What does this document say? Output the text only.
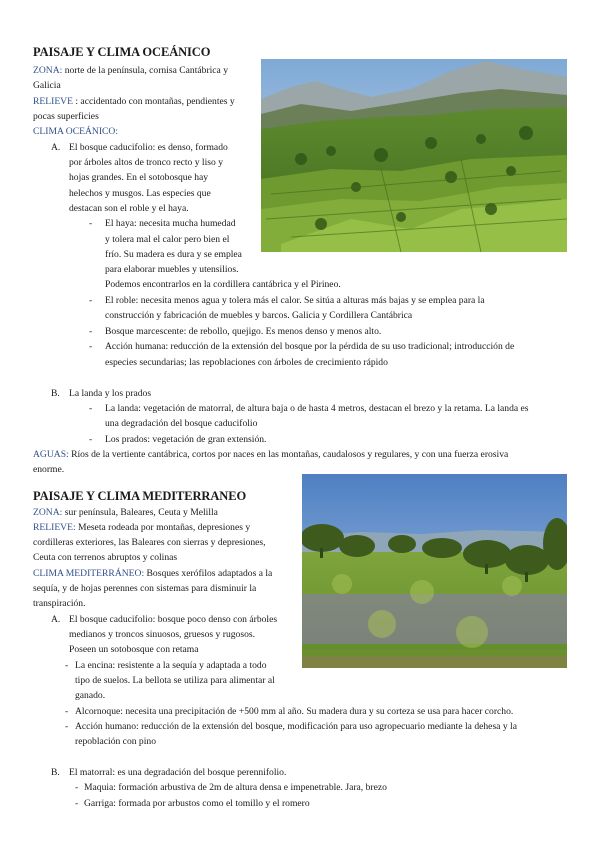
PAISAJE Y CLIMA OCEÁNICO
ZONA: norte de la península, cornisa Cantábrica y
Galicia
RELIEVE : accidentado con montañas, pendientes y
pocas superficies
CLIMA OCEÁNICO:
A. El bosque caducifolio: es denso, formado
por árboles altos de tronco recto y liso y
hojas grandes. En el sotobosque hay
helechos y musgos. Las especies que
destacan son el roble y el haya.
- El haya: necesita mucha humedad
y tolera mal el calor pero bien el
frío. Su madera es dura y se emplea
para elaborar muebles y utensilios.
Podemos encontrarlos en la cordillera cantábrica y el Pirineo.
- El roble: necesita menos agua y tolera más el calor. Se sitúa a alturas más bajas y se emplea para la
construcción y fabricación de muebles y barcos. Galicia y Cordillera Cantábrica
- Bosque marcescente: de rebollo, quejigo. Es menos denso y menos alto.
- Acción humana: reducción de la extensión del bosque por la pérdida de su uso tradicional; introducción de
especies secundarias; las repoblaciones con árboles de crecimiento rápido
B. La landa y los prados
- La landa: vegetación de matorral, de altura baja o de hasta 4 metros, destacan el brezo y la retama. La landa es
una degradación del bosque caducifolio
- Los prados: vegetación de gran extensión.
AGUAS: Ríos de la vertiente cantábrica, cortos por naces en las montañas, caudalosos y regulares, y con una fuerza erosiva
enorme.
PAISAJE Y CLIMA MEDITERRANEO
ZONA: sur península, Baleares, Ceuta y Melilla
RELIEVE: Meseta rodeada por montañas, depresiones y
cordilleras exteriores, las Baleares con sierras y depresiones,
Ceuta con terrenos abruptos y colinas
CLIMA MEDITERRÁNEO: Bosques xerófilos adaptados a la
sequía, y de hojas perennes con sistemas para disminuir la
transpiración.
A. El bosque caducifolio: bosque poco denso con árboles
medianos y troncos sinuosos, gruesos y rugosos.
Poseen un sotobosque con retama
- La encina: resistente a la sequía y adaptada a todo
tipo de suelos. La bellota se utiliza para alimentar al
ganado.
- Alcornoque: necesita una precipitación de +500 mm al año. Su madera dura y su corteza se usa para hacer corcho.
- Acción humano: reducción de la extensión del bosque, modificación para uso agropecuario mediante la dehesa y la
repoblación con pino
B. El matorral: es una degradación del bosque perennifolio.
- Maquia: formación arbustiva de 2m de altura densa e impenetrable. Jara, brezo
- Garriga: formada por arbustos como el tomillo y el romero
